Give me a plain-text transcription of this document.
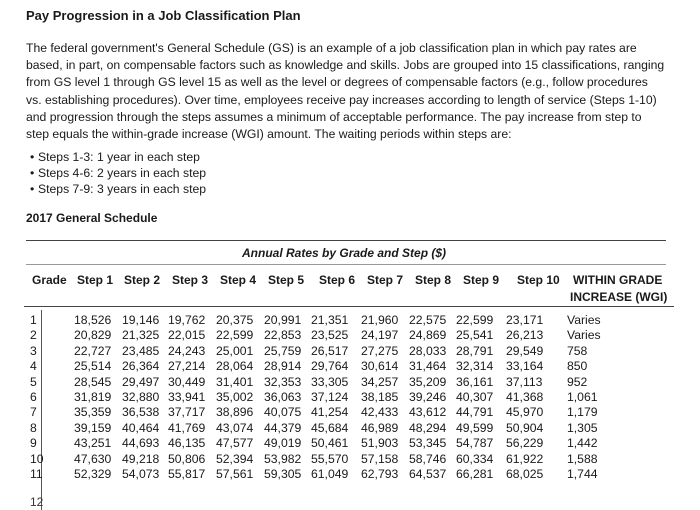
Pay Progression in a Job Classification Plan

The federal government's General Schedule (GS) is an example of a job classification plan in which pay rates are based, in part, on compensable factors such as knowledge and skills. Jobs are grouped into 15 classifications, ranging from GS level 1 through GS level 15 as well as the level or degrees of compensable factors (e.g., follow procedures vs. establishing procedures). Over time, employees receive pay increases according to length of service (Steps 1-10) and progression through the steps assumes a minimum of acceptable performance. The pay increase from step to step equals the within-grade increase (WGI) amount. The waiting periods within steps are:

• Steps 1-3: 1 year in each step
• Steps 4-6: 2 years in each step
• Steps 7-9: 3 years in each step
2017 General Schedule
Annual Rates by Grade and Step ($)
Grade Step 1 Step 2 Step 3 Step 4 Step 5 Step 6 Step 7 Step 8 Step 9 Step 10 WITHIN GRADE
INCREASE (WGI)
1	18,526 19,146 19,762 20,375 20,991 21,351 21,960 22,575 22,599 23,171 Varies
2	20,829 21,325 22,015 22,599 22,853 23,525 24,197 24,869 25,541 26,213 Varies
3	22,727 23,485 24,243 25,001 25,759 26,517 27,275 28,033 28,791 29,549 758
4	25,514 26,364 27,214 28,064 28,914 29,764 30,614 31,464 32,314 33,164 850
5	28,545 29,497 30,449 31,401 32,353 33,305 34,257 35,209 36,161 37,113 952
6	31,819 32,880 33,941 35,002 36,063 37,124 38,185 39,246 40,307 41,368 1,061
7	35,359 36,538 37,717 38,896 40,075 41,254 42,433 43,612 44,791 45,970 1,179
8	39,159 40,464 41,769 43,074 44,379 45,684 46,989 48,294 49,599 50,904 1,305
9	43,251 44,693 46,135 47,577 49,019 50,461 51,903 53,345 54,787 56,229 1,442
10 47,630 49,218 50,806 52,394 53,982 55,570 57,158 58,746 60,334 61,922 1,588
11	52,329 54,073 55,817 57,561 59,305 61,049 62,793 64,537 66,281 68,025 1,744
12
